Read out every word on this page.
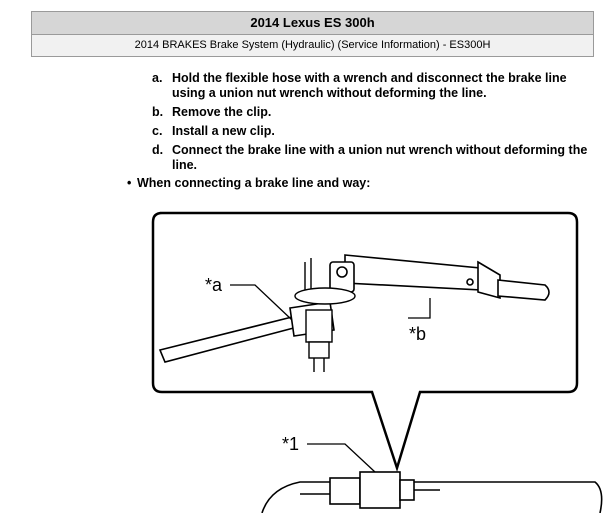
2014 Lexus ES 300h
2014 BRAKES Brake System (Hydraulic) (Service Information) - ES300H
a. Hold the flexible hose with a wrench and disconnect the brake line using a union nut wrench without deforming the line.
b. Remove the clip.
c. Install a new clip.
d. Connect the brake line with a union nut wrench without deforming the line.
• When connecting a brake line and way:
*a
*b
*1
